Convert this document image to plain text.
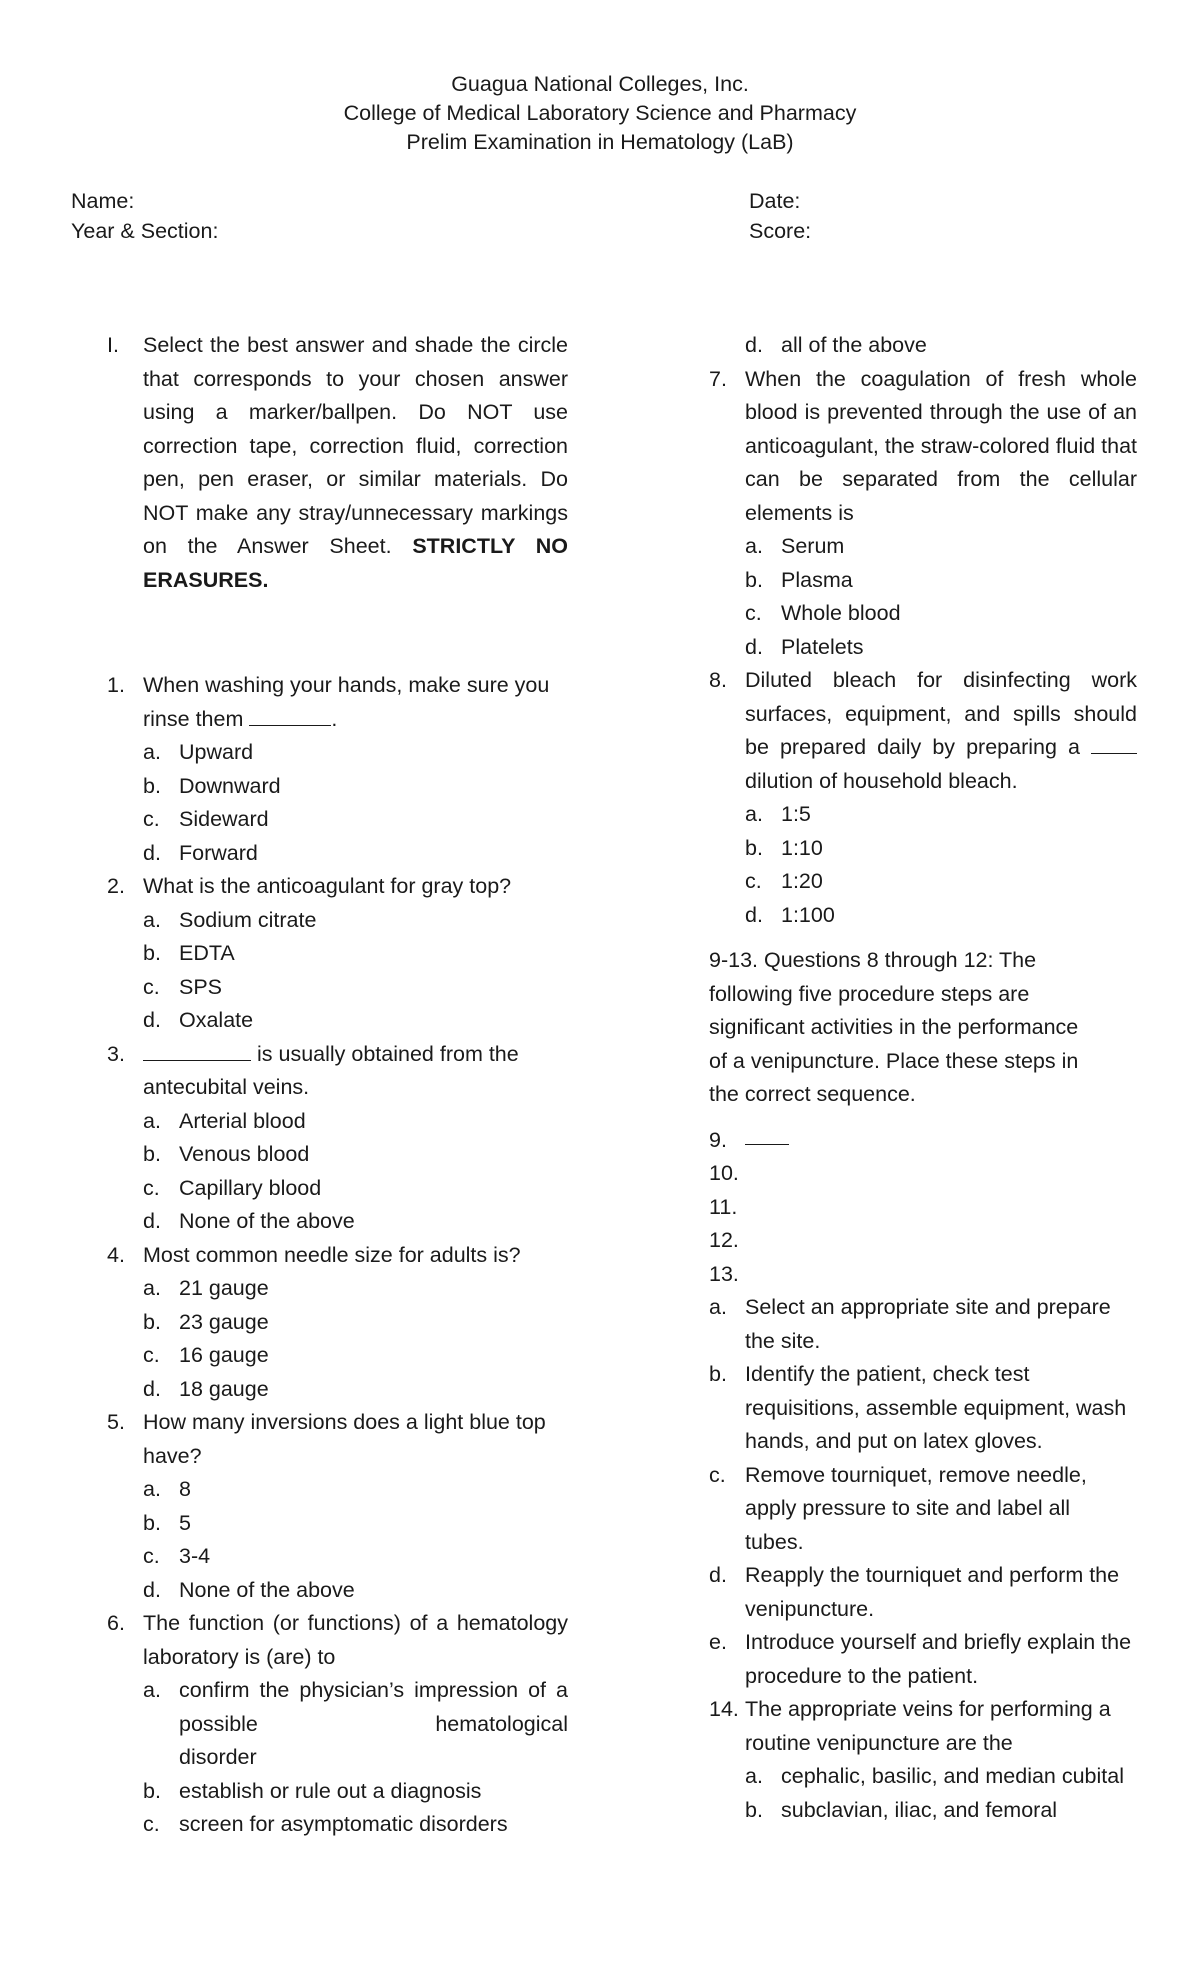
Guagua National Colleges, Inc.
College of Medical Laboratory Science and Pharmacy
Prelim Examination in Hematology (LaB)
Name:
Year & Section:
Date:
Score:
I.	Select the best answer and shade the circle that corresponds to your chosen answer using a marker/ballpen. Do NOT use correction tape, correction fluid, correction pen, pen eraser, or similar materials. Do NOT make any stray/unnecessary markings on the Answer Sheet. STRICTLY NO ERASURES.
1. When washing your hands, make sure you rinse them	.
a. Upward
b. Downward
c. Sideward
d. Forward
2. What is the anticoagulant for gray top?
a. Sodium citrate
b. EDTA
c. SPS
d. Oxalate
3.	is usually obtained from the antecubital veins.
a. Arterial blood
b. Venous blood
c. Capillary blood
d. None of the above
4. Most common needle size for adults is?
a. 21 gauge
b. 23 gauge
c. 16 gauge
d. 18 gauge
5. How many inversions does a light blue top have?
a. 8
b. 5
c. 3-4
d. None of the above
6. The function (or functions) of a hematology laboratory is (are) to
a. confirm the physician’s impression of a possible hematological
disorder
b. establish or rule out a diagnosis
c. screen for asymptomatic disorders
d. all of the above
7. When the coagulation of fresh whole blood is prevented through the use of an anticoagulant, the straw-colored fluid that can be separated from the cellular elements is
a. Serum
b. Plasma
c. Whole blood
d. Platelets
8. Diluted bleach for disinfecting work surfaces, equipment, and spills should be prepared daily by preparing a  dilution of household bleach.
a. 1:5
b. 1:10
c. 1:20
d. 1:100
9-13. Questions 8 through 12: The following five procedure steps are significant activities in the performance of a venipuncture. Place these steps in the correct sequence.
9.
10.
11.
12.
13.
a. Select an appropriate site and prepare the site.
b. Identify the patient, check test requisitions, assemble equipment, wash hands, and put on latex gloves.
c. Remove tourniquet, remove needle, apply pressure to site and label all tubes.
d. Reapply the tourniquet and perform the venipuncture.
e. Introduce yourself and briefly explain the procedure to the patient.
14. The appropriate veins for performing a routine venipuncture are the
a. cephalic, basilic, and median cubital
b. subclavian, iliac, and femoral
